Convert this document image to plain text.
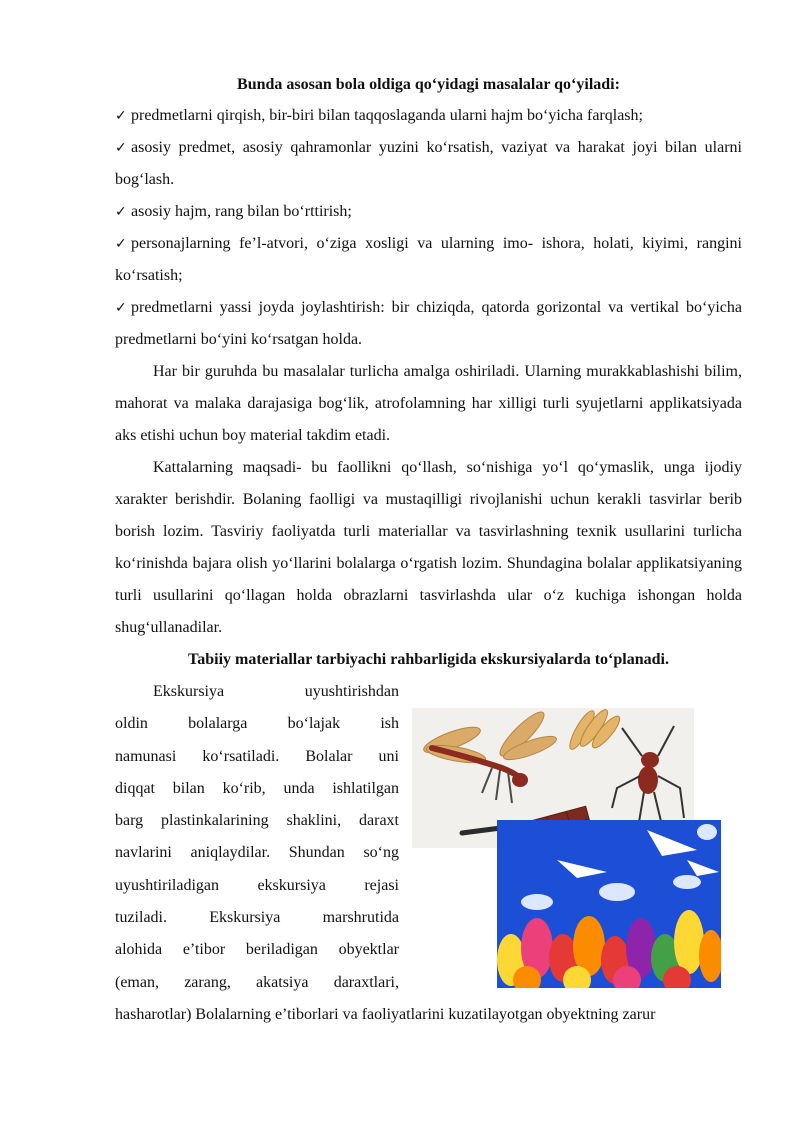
Bunda asosan bola oldiga qo‘yidagi masalalar qo‘yiladi:

✓ predmetlarni qirqish, bir-biri bilan taqqoslaganda ularni hajm bo‘yicha farqlash;

✓ asosiy predmet, asosiy qahramonlar yuzini ko‘rsatish, vaziyat va harakat joyi bilan ularni bog‘lash.

✓ asosiy hajm, rang bilan bo‘rttirish;

✓ personajlarning fe’l-atvori, o‘ziga xosligi va ularning imo- ishora, holati, kiyimi, rangini ko‘rsatish;

✓ predmetlarni yassi joyda joylashtirish: bir chiziqda, qatorda gorizontal va vertikal bo‘yicha predmetlarni bo‘yini ko‘rsatgan holda.

Har bir guruhda bu masalalar turlicha amalga oshiriladi. Ularning murakkablashishi bilim, mahorat va malaka darajasiga bog‘lik, atrofolamning har xilligi turli syujetlarni applikatsiyada aks etishi uchun boy material takdim etadi.

Kattalarning maqsadi- bu faollikni qo‘llash, so‘nishiga yo‘l qo‘ymaslik, unga ijodiy xarakter berishdir. Bolaning faolligi va mustaqilligi rivojlanishi uchun kerakli tasvirlar berib borish lozim. Tasviriy faoliyatda turli materiallar va tasvirlashning texnik usullarini turlicha ko‘rinishda bajara olish yo‘llarini bolalarga o‘rgatish lozim. Shundagina bolalar applikatsiyaning turli usullarini qo‘llagan holda obrazlarni tasvirlashda ular o‘z kuchiga ishongan holda shug‘ullanadilar.

Tabiiy materiallar tarbiyachi rahbarligida ekskursiyalarda to‘planadi.

Ekskursiya uyushtirishdan

oldin bolalarga bo‘lajak ish

namunasi ko‘rsatiladi. Bolalar uni

diqqat bilan ko‘rib, unda ishlatilgan

barg plastinkalarining shaklini, daraxt

navlarini aniqlaydilar. Shundan so‘ng

uyushtiriladigan ekskursiya rejasi

tuziladi. Ekskursiya marshrutida

alohida e’tibor beriladigan obyektlar

(eman, zarang, akatsiya daraxtlari,

hasharotlar) Bolalarning e’tiborlari va faoliyatlarini kuzatilayotgan obyektning zarur
